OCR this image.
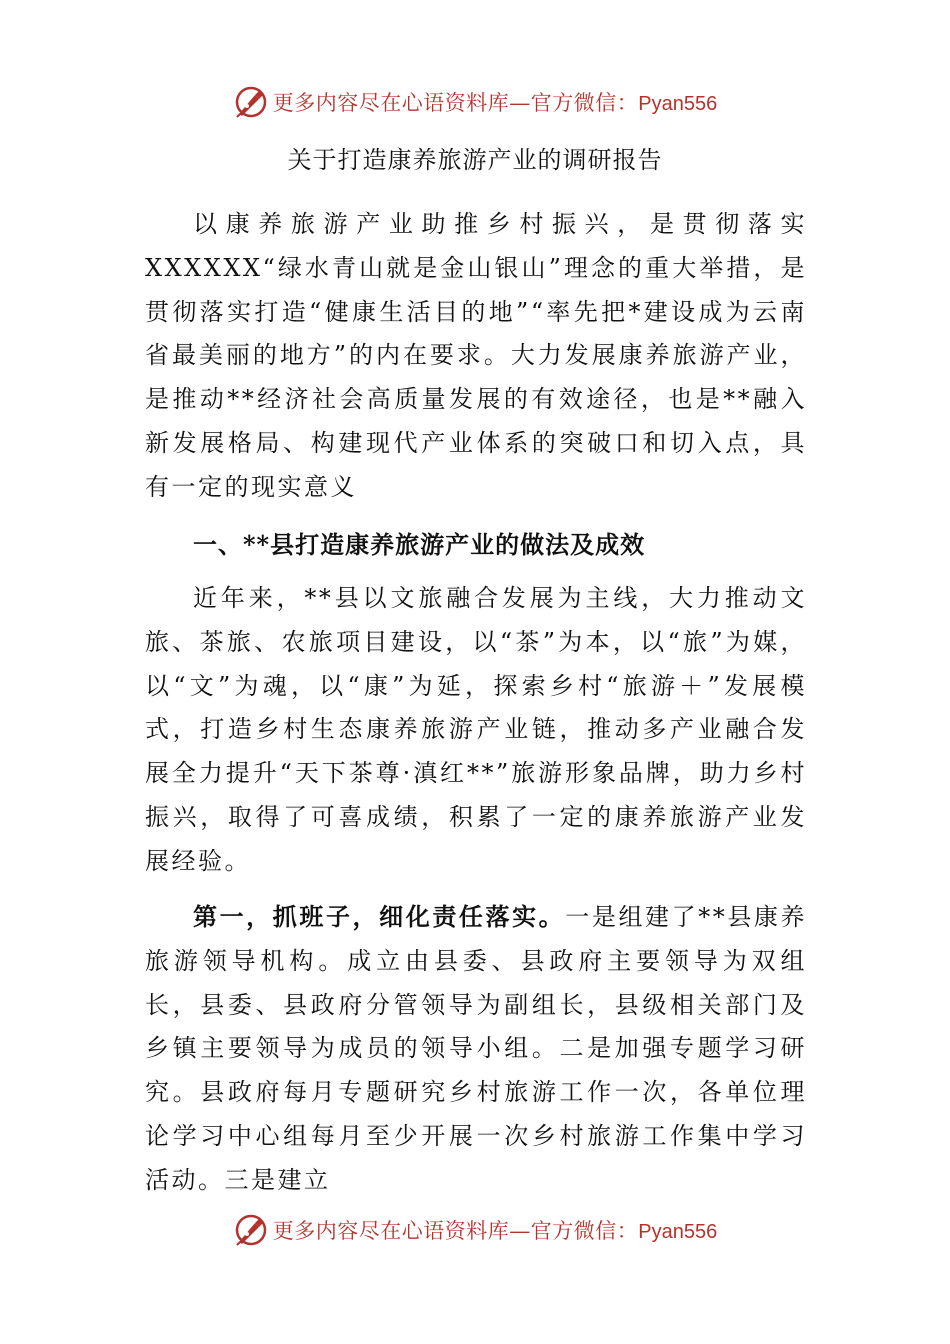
更多内容尽在心语资料库—官方微信：Pyan556
关于打造康养旅游产业的调研报告

以康养旅游产业助推乡村振兴，是贯彻落实XXXXXX“绿水青山就是金山银山”理念的重大举措，是贯彻落实打造“健康生活目的地”“率先把*建设成为云南省最美丽的地方”的内在要求。大力发展康养旅游产业，是推动**经济社会高质量发展的有效途径，也是**融入新发展格局、构建现代产业体系的突破口和切入点，具有一定的现实意义

一、**县打造康养旅游产业的做法及成效

近年来，**县以文旅融合发展为主线，大力推动文旅、茶旅、农旅项目建设，以“茶”为本，以“旅”为媒，以“文”为魂，以“康”为延，探索乡村“旅游＋”发展模式，打造乡村生态康养旅游产业链，推动多产业融合发展全力提升“天下茶尊·滇红**”旅游形象品牌，助力乡村振兴，取得了可喜成绩，积累了一定的康养旅游产业发展经验。

第一，抓班子，细化责任落实。一是组建了**县康养旅游领导机构。成立由县委、县政府主要领导为双组长，县委、县政府分管领导为副组长，县级相关部门及乡镇主要领导为成员的领导小组。二是加强专题学习研究。县政府每月专题研究乡村旅游工作一次，各单位理论学习中心组每月至少开展一次乡村旅游工作集中学习活动。三是建立

更多内容尽在心语资料库—官方微信：Pyan556
